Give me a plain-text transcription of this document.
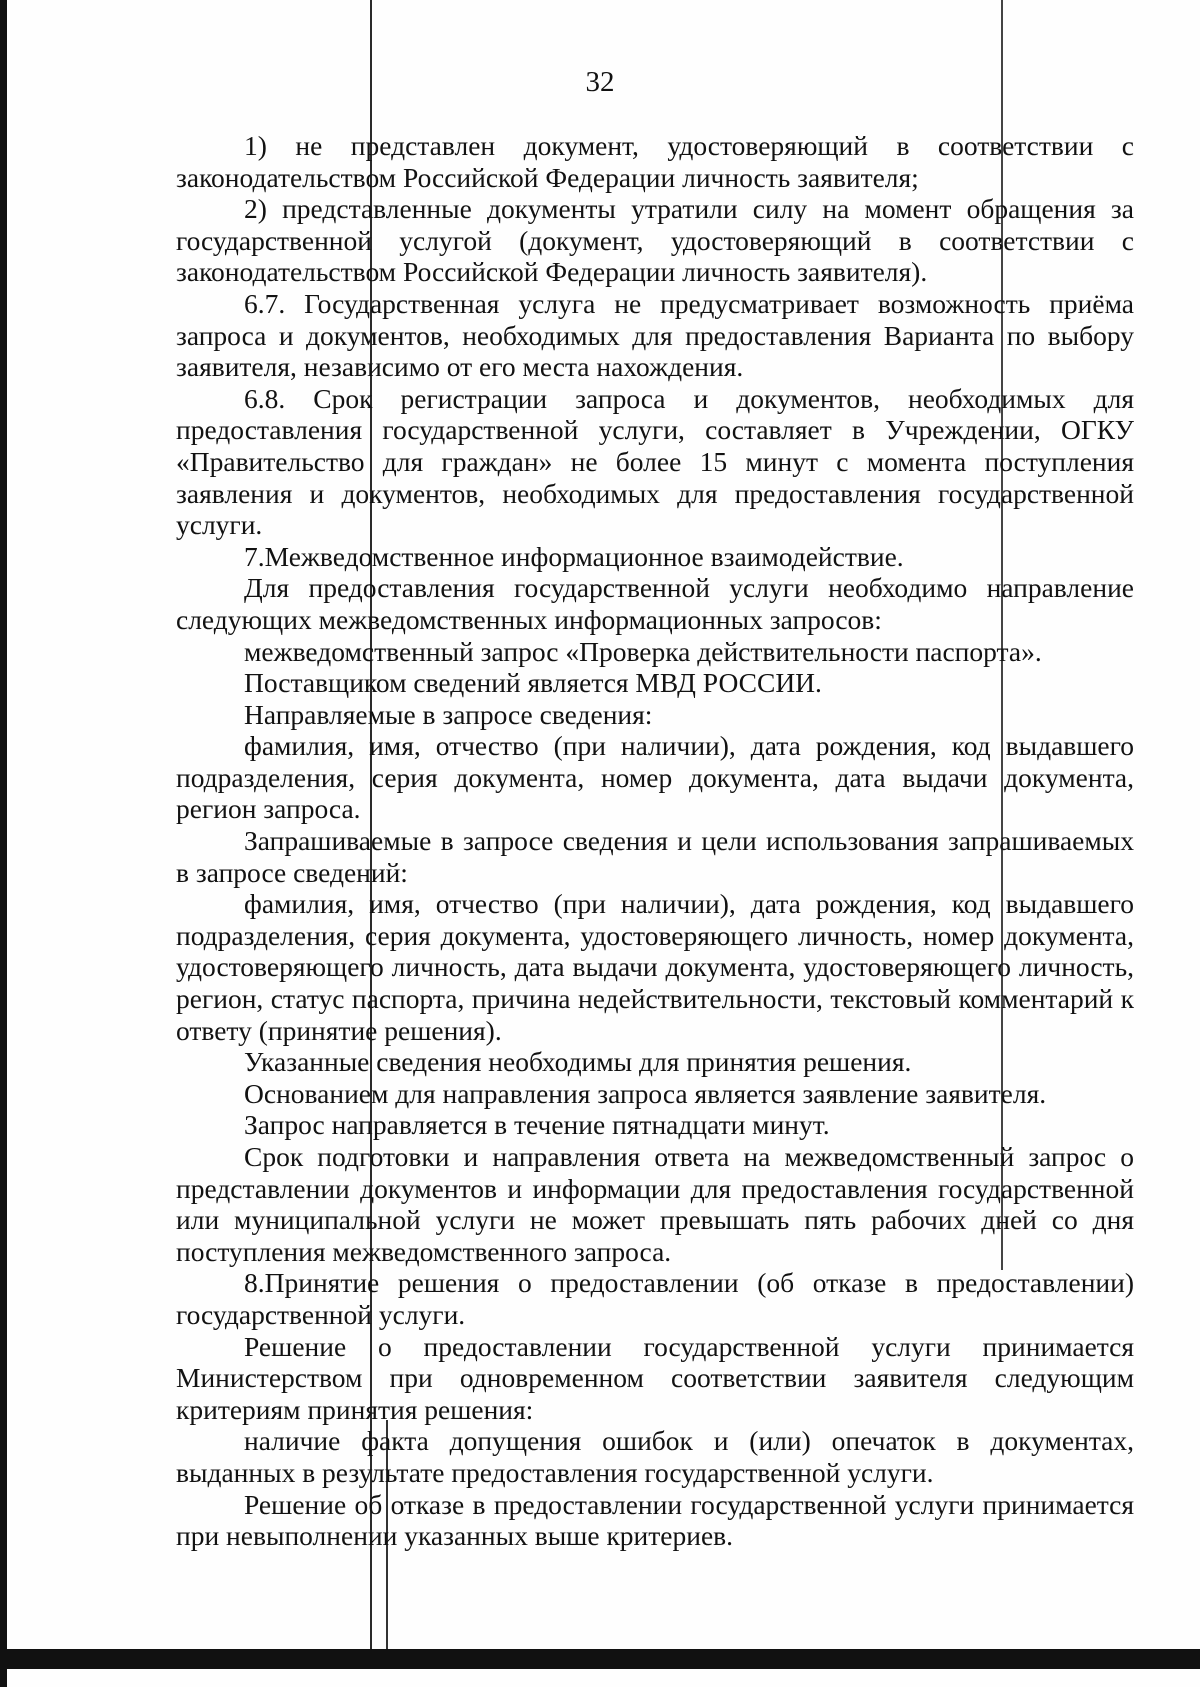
32

1) не представлен документ, удостоверяющий в соответствии с законодательством Российской Федерации личность заявителя;

2) представленные документы утратили силу на момент обращения за государственной услугой (документ, удостоверяющий в соответствии с законодательством Российской Федерации личность заявителя).

6.7. Государственная услуга не предусматривает возможность приёма запроса и документов, необходимых для предоставления Варианта по выбору заявителя, независимо от его места нахождения.

6.8. Срок регистрации запроса и документов, необходимых для предоставления государственной услуги, составляет в Учреждении, ОГКУ «Правительство для граждан» не более 15 минут с момента поступления заявления и документов, необходимых для предоставления государственной услуги.

7.Межведомственное информационное взаимодействие.

Для предоставления государственной услуги необходимо направление следующих межведомственных информационных запросов:

межведомственный запрос «Проверка действительности паспорта».

Поставщиком сведений является МВД РОССИИ.

Направляемые в запросе сведения:

фамилия, имя, отчество (при наличии), дата рождения, код выдавшего подразделения, серия документа, номер документа, дата выдачи документа, регион запроса.

Запрашиваемые в запросе сведения и цели использования запрашиваемых в запросе сведений:

фамилия, имя, отчество (при наличии), дата рождения, код выдавшего подразделения, серия документа, удостоверяющего личность, номер документа, удостоверяющего личность, дата выдачи документа, удостоверяющего личность, регион, статус паспорта, причина недействительности, текстовый комментарий к ответу (принятие решения).

Указанные сведения необходимы для принятия решения.

Основанием для направления запроса является заявление заявителя.

Запрос направляется в течение пятнадцати минут.

Срок подготовки и направления ответа на межведомственный запрос о представлении документов и информации для предоставления государственной или муниципальной услуги не может превышать пять рабочих дней со дня поступления межведомственного запроса.

8.Принятие решения о предоставлении (об отказе в предоставлении) государственной услуги.

Решение о предоставлении государственной услуги принимается Министерством при одновременном соответствии заявителя следующим критериям принятия решения:

наличие факта допущения ошибок и (или) опечаток в документах, выданных в результате предоставления государственной услуги.

Решение об отказе в предоставлении государственной услуги принимается при невыполнении указанных выше критериев.
